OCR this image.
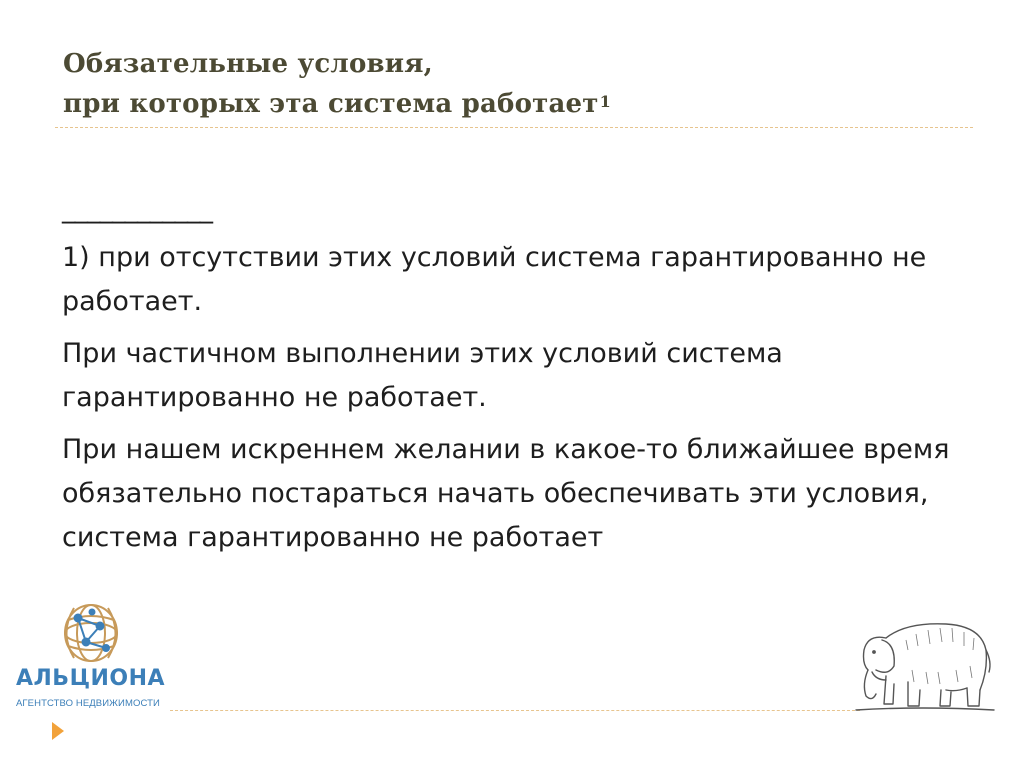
Обязательные условия,
при которых эта система работает$^1$
____________

1) при отсутствии этих условий система гарантированно не работает.

При частичном выполнении этих условий система гарантированно не работает.

При нашем искреннем желании в какое-то ближайшее время обязательно постараться начать обеспечивать эти условия, система гарантированно не работает

АЛЬЦИОНА
АГЕНТСТВО НЕДВИЖИМОСТИ
